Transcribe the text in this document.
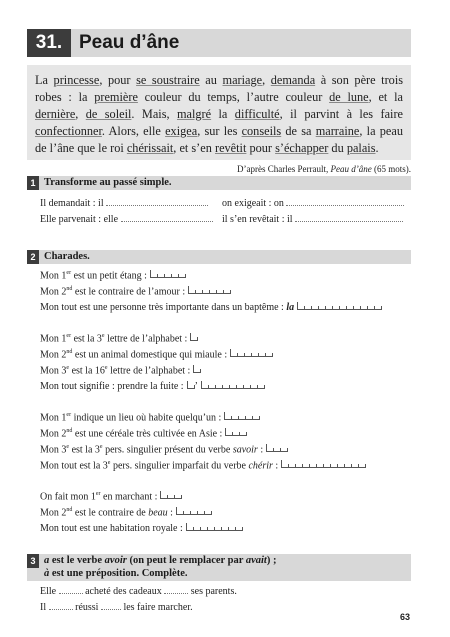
31. Peau d’âne
La princesse, pour se soustraire au mariage, demanda à son père trois robes : la première couleur du temps, l’autre couleur de lune, et la dernière, de soleil. Mais, malgré la difficulté, il parvint à les faire confectionner. Alors, elle exigea, sur les conseils de sa marraine, la peau de l’âne que le roi chérissait, et s’en revêtit pour s’échapper du palais.
D’après Charles Perrault, Peau d’âne (65 mots).
1 Transforme au passé simple.
Il demandait : il	on exigeait : on
Elle parvenait : elle	il s’en revêtait : il
2 Charades.
Mon 1er est un petit étang :
Mon 2nd est le contraire de l’amour :
Mon tout est une personne très importante dans un baptême : la
Mon 1er est la 3e lettre de l’alphabet :
Mon 2nd est un animal domestique qui miaule :
Mon 3e est la 16e lettre de l’alphabet :
Mon tout signifie : prendre la fuite : ’
Mon 1er indique un lieu où habite quelqu’un :
Mon 2nd est une céréale très cultivée en Asie :
Mon 3e est la 3e pers. singulier présent du verbe savoir :
Mon tout est la 3e pers. singulier imparfait du verbe chérir :
On fait mon 1er en marchant :
Mon 2nd est le contraire de beau :
Mon tout est une habitation royale :
3 a est le verbe avoir (on peut le remplacer par avait) ;
à est une préposition. Complète.
Elle	acheté des cadeaux	ses parents.
Il	réussi	les faire marcher.
63
